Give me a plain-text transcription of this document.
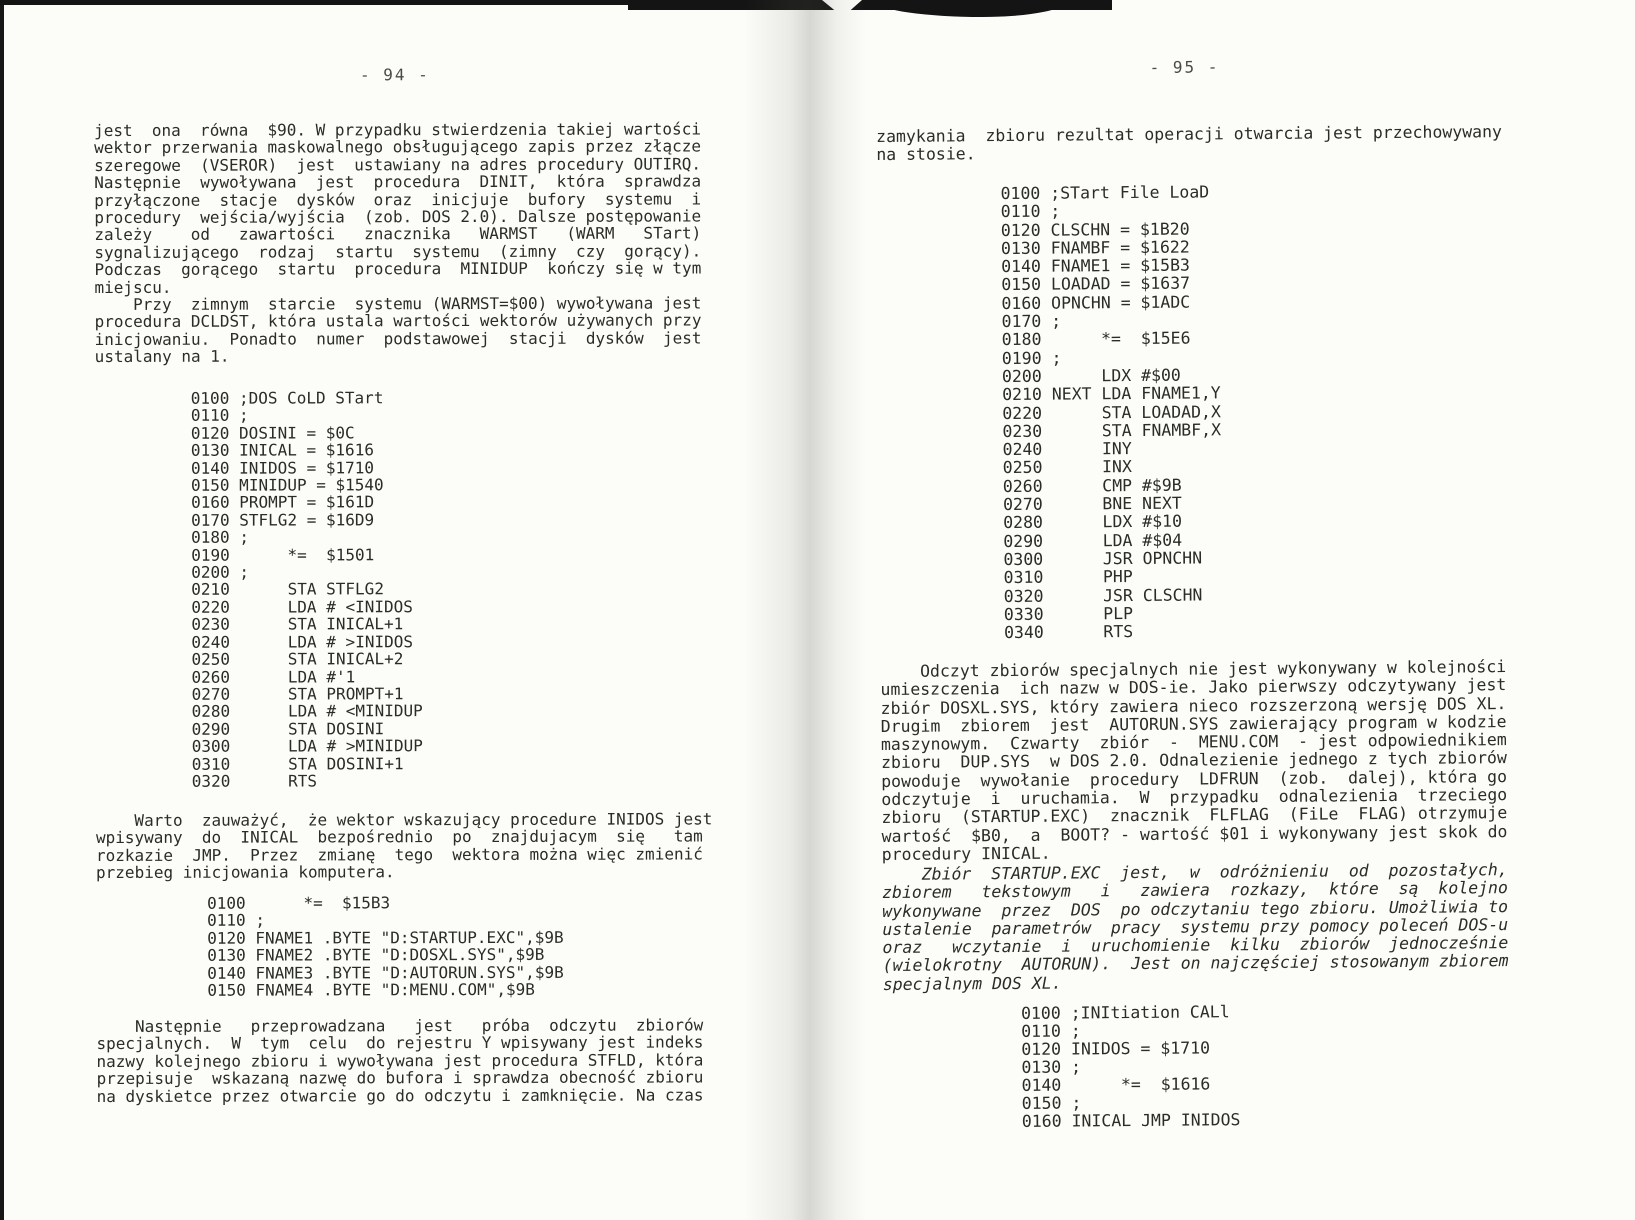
- 94 -
jest  ona  równa  $90. W przypadku stwierdzenia takiej wartości
wektor przerwania maskowalnego obsługującego zapis przez złącze
szeregowe  (VSEROR)  jest  ustawiany na adres procedury OUTIRQ.
Następnie  wywoływana  jest  procedura  DINIT,  która  sprawdza
przyłączone  stacje  dysków  oraz  inicjuje  bufory  systemu  i
procedury  wejścia/wyjścia  (zob. DOS 2.0). Dalsze postępowanie
zależy    od   zawartości   znacznika   WARMST   (WARM   STart)
sygnalizującego  rodzaj  startu  systemu  (zimny  czy  gorący).
Podczas  gorącego  startu  procedura  MINIDUP  kończy się w tym
miejscu.
Przy  zimnym  starcie  systemu (WARMST=$00) wywoływana jest
procedura DCLDST, która ustala wartości wektorów używanych przy
inicjowaniu.  Ponadto  numer  podstawowej  stacji  dysków  jest
ustalany na 1.
0100 ;DOS CoLD STart
0110 ;
0120 DOSINI = $0C
0130 INICAL = $1616
0140 INIDOS = $1710
0150 MINIDUP = $1540
0160 PROMPT = $161D
0170 STFLG2 = $16D9
0180 ;
0190      *=  $1501
0200 ;
0210      STA STFLG2
0220      LDA # <INIDOS
0230      STA INICAL+1
0240      LDA # >INIDOS
0250      STA INICAL+2
0260      LDA #'1
0270      STA PROMPT+1
0280      LDA # <MINIDUP
0290      STA DOSINI
0300      LDA # >MINIDUP
0310      STA DOSINI+1
0320      RTS
Warto  zauważyć,  że wektor wskazujący procedure INIDOS jest
wpisywany  do  INICAL  bezpośrednio  po  znajdujacym  się   tam
rozkazie  JMP.  Przez  zmianę  tego  wektora można więc zmienić
przebieg inicjowania komputera.
0100      *=  $15B3
0110 ;
0120 FNAME1 .BYTE "D:STARTUP.EXC",$9B
0130 FNAME2 .BYTE "D:DOSXL.SYS",$9B
0140 FNAME3 .BYTE "D:AUTORUN.SYS",$9B
0150 FNAME4 .BYTE "D:MENU.COM",$9B
Następnie   przeprowadzana   jest   próba  odczytu  zbiorów
specjalnych.  W  tym  celu  do rejestru Y wpisywany jest indeks
nazwy kolejnego zbioru i wywoływana jest procedura STFLD, która
przepisuje  wskazaną nazwę do bufora i sprawdza obecność zbioru
na dyskietce przez otwarcie go do odczytu i zamknięcie. Na czas
- 95 -
zamykania  zbioru rezultat operacji otwarcia jest przechowywany
na stosie.
0100 ;STart File LoaD
0110 ;
0120 CLSCHN = $1B20
0130 FNAMBF = $1622
0140 FNAME1 = $15B3
0150 LOADAD = $1637
0160 OPNCHN = $1ADC
0170 ;
0180      *=  $15E6
0190 ;
0200      LDX #$00
0210 NEXT LDA FNAME1,Y
0220      STA LOADAD,X
0230      STA FNAMBF,X
0240      INY
0250      INX
0260      CMP #$9B
0270      BNE NEXT
0280      LDX #$10
0290      LDA #$04
0300      JSR OPNCHN
0310      PHP
0320      JSR CLSCHN
0330      PLP
0340      RTS
Odczyt zbiorów specjalnych nie jest wykonywany w kolejności
umieszczenia  ich nazw w DOS-ie. Jako pierwszy odczytywany jest
zbiór DOSXL.SYS, który zawiera nieco rozszerzoną wersję DOS XL.
Drugim  zbiorem  jest  AUTORUN.SYS zawierający program w kodzie
maszynowym.  Czwarty  zbiór  -  MENU.COM  - jest odpowiednikiem
zbioru  DUP.SYS  w DOS 2.0. Odnalezienie jednego z tych zbiorów
powoduje  wywołanie  procedury  LDFRUN  (zob.  dalej), która go
odczytuje  i  uruchamia.  W  przypadku  odnalezienia  trzeciego
zbioru  (STARTUP.EXC)  znacznik  FLFLAG  (FiLe  FLAG) otrzymuje
wartość  $B0,  a  BOOT? - wartość $01 i wykonywany jest skok do
procedury INICAL.
Zbiór  STARTUP.EXC  jest,  w  odróżnieniu  od  pozostałych,
zbiorem   tekstowym   i   zawiera  rozkazy,  które  są  kolejno
wykonywane  przez  DOS  po odczytaniu tego zbioru. Umożliwia to
ustalenie  parametrów  pracy  systemu przy pomocy poleceń DOS-u
oraz   wczytanie  i  uruchomienie  kilku  zbiorów  jednocześnie
(wielokrotny  AUTORUN).  Jest on najczęściej stosowanym zbiorem
specjalnym DOS XL.
0100 ;INItiation CALl
0110 ;
0120 INIDOS = $1710
0130 ;
0140      *=  $1616
0150 ;
0160 INICAL JMP INIDOS
